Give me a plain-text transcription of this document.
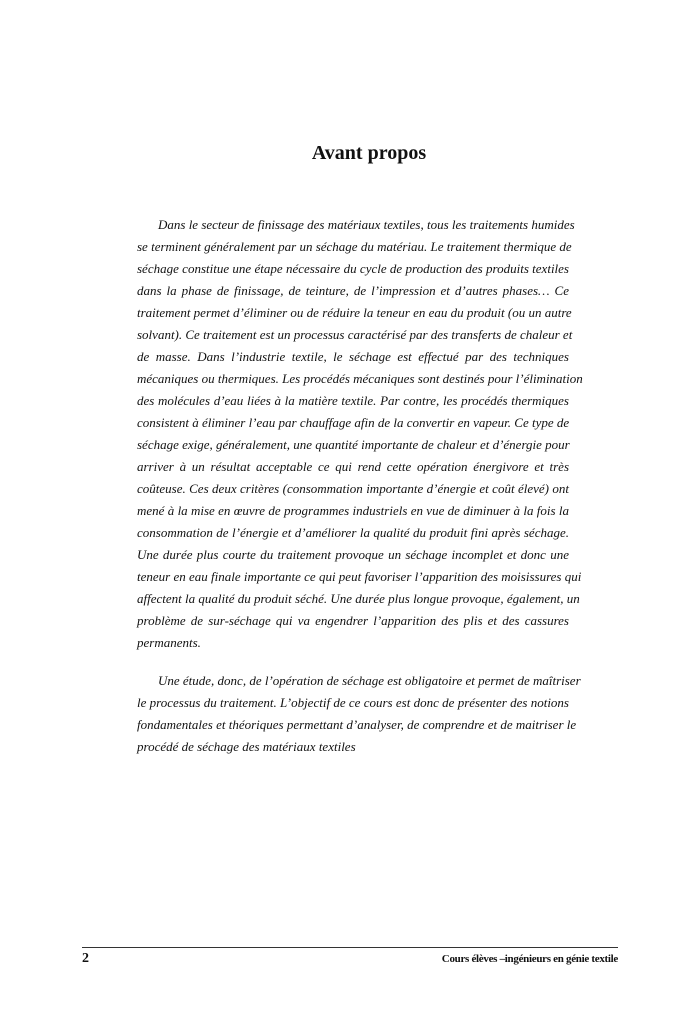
Avant propos
Dans le secteur de finissage des matériaux textiles, tous les traitements humides
se terminent généralement par un séchage du matériau. Le traitement thermique de
séchage constitue une étape nécessaire du cycle de production des produits textiles
dans la phase de finissage, de teinture, de l’impression et d’autres phases… Ce
traitement permet d’éliminer ou de réduire la teneur en eau du produit (ou un autre
solvant). Ce traitement est un processus caractérisé par des transferts de chaleur et
de masse. Dans l’industrie textile, le séchage est effectué par des techniques
mécaniques ou thermiques. Les procédés mécaniques sont destinés pour l’élimination
des molécules d’eau liées à la matière textile. Par contre, les procédés thermiques
consistent à éliminer l’eau par chauffage afin de la convertir en vapeur. Ce type de
séchage exige, généralement, une quantité importante de chaleur et d’énergie pour
arriver à un résultat acceptable ce qui rend cette opération énergivore et très
coûteuse. Ces deux critères (consommation importante d’énergie et coût élevé) ont
mené à la mise en œuvre de programmes industriels en vue de diminuer à la fois la
consommation de l’énergie et d’améliorer la qualité du produit fini après séchage.
Une durée plus courte du traitement provoque un séchage incomplet et donc une
teneur en eau finale importante ce qui peut favoriser l’apparition des moisissures qui
affectent la qualité du produit séché. Une durée plus longue provoque, également, un
problème de sur-séchage qui va engendrer l’apparition des plis et des cassures
permanents.
Une étude, donc, de l’opération de séchage est obligatoire et permet de maîtriser
le processus du traitement. L’objectif de ce cours est donc de présenter des notions
fondamentales et théoriques permettant d’analyser, de comprendre et de maitriser le
procédé de séchage des matériaux textiles
2	Cours élèves –ingénieurs en génie textile
